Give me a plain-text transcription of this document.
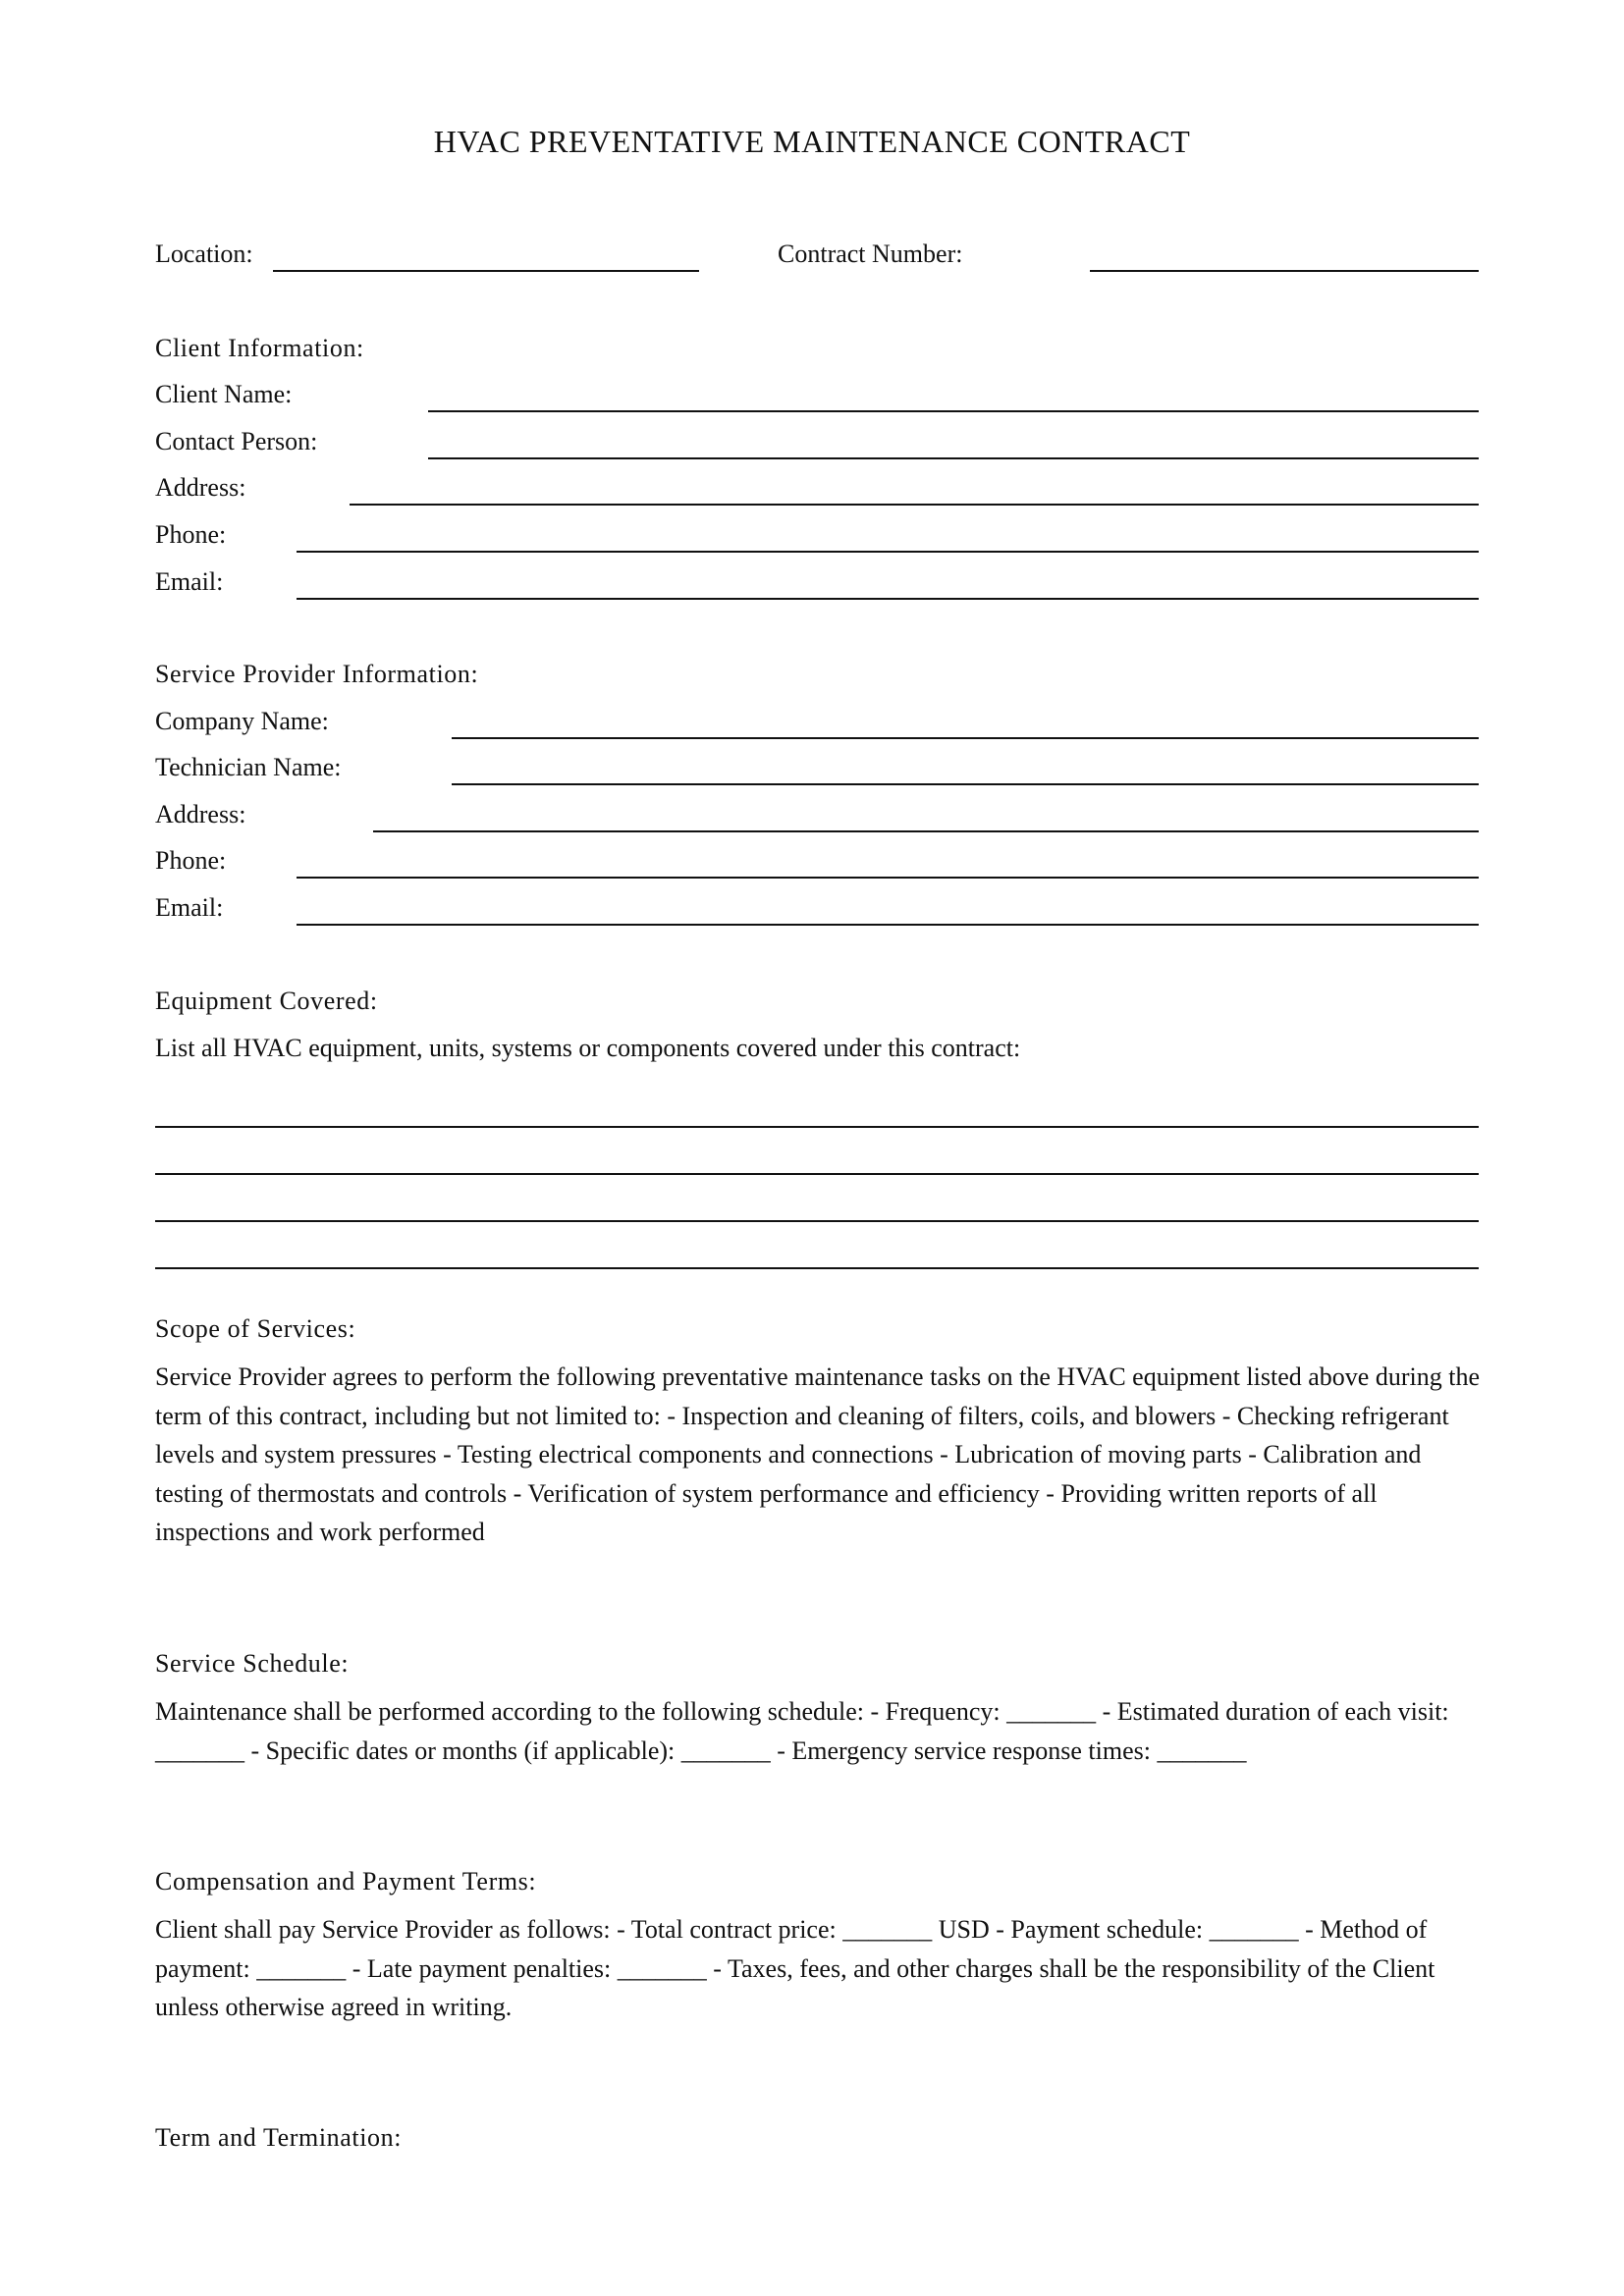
HVAC PREVENTATIVE MAINTENANCE CONTRACT
Location:	Contract Number:
Client Information:
Client Name:
Contact Person:
Address:
Phone:
Email:
Service Provider Information:
Company Name:
Technician Name:
Address:
Phone:
Email:
Equipment Covered:
List all HVAC equipment, units, systems or components covered under this contract:
Scope of Services:
Service Provider agrees to perform the following preventative maintenance tasks on the HVAC equipment listed above during the term of this contract, including but not limited to: - Inspection and cleaning of filters, coils, and blowers - Checking refrigerant levels and system pressures - Testing electrical components and connections - Lubrication of moving parts - Calibration and testing of thermostats and controls - Verification of system performance and efficiency - Providing written reports of all inspections and work performed
Service Schedule:
Maintenance shall be performed according to the following schedule: - Frequency: _______ - Estimated duration of each visit: _______ - Specific dates or months (if applicable): _______ - Emergency service response times: _______
Compensation and Payment Terms:
Client shall pay Service Provider as follows: - Total contract price: _______ USD - Payment schedule: _______ - Method of payment: _______ - Late payment penalties: _______ - Taxes, fees, and other charges shall be the responsibility of the Client unless otherwise agreed in writing.
Term and Termination:
